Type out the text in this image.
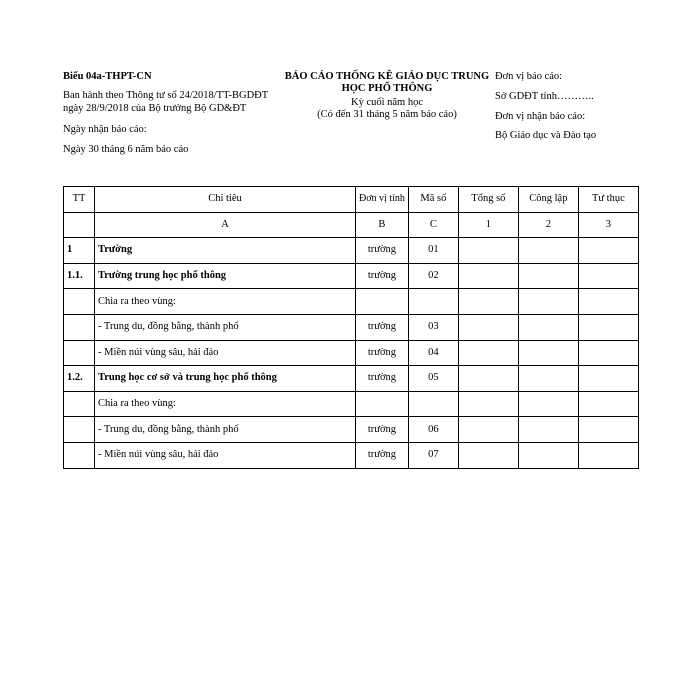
Biểu 04a-THPT-CN
Ban hành theo Thông tư số 24/2018/TT-BGDĐT
ngày 28/9/2018 của Bộ trưởng Bộ GD&ĐT
Ngày nhận báo cáo:
Ngày 30 tháng 6 năm báo cáo
BÁO CÁO THỐNG KÊ GIÁO DỤC TRUNG
HỌC PHỔ THÔNG
Kỳ cuối năm học
(Có đến 31 tháng 5 năm báo cáo)
Đơn vị báo cáo:
Sở GDĐT tỉnh………..
Đơn vị nhận báo cáo:
Bộ Giáo dục và Đào tạo
TT	Chỉ tiêu	Đơn vị tính	Mã số	Tổng số	Công lập	Tư thục
	A	B	C	1	2	3
1	Trường	trường	01			
1.1.	Trường trung học phổ thông	trường	02			
	Chia ra theo vùng:					
	- Trung du, đồng bằng, thành phố	trường	03			
	- Miền núi vùng sâu, hải đảo	trường	04			
1.2.	Trung học cơ sở và trung học phổ thông	trường	05			
	Chia ra theo vùng:					
	- Trung du, đồng bằng, thành phố	trường	06			
	- Miền núi vùng sâu, hải đảo	trường	07			
